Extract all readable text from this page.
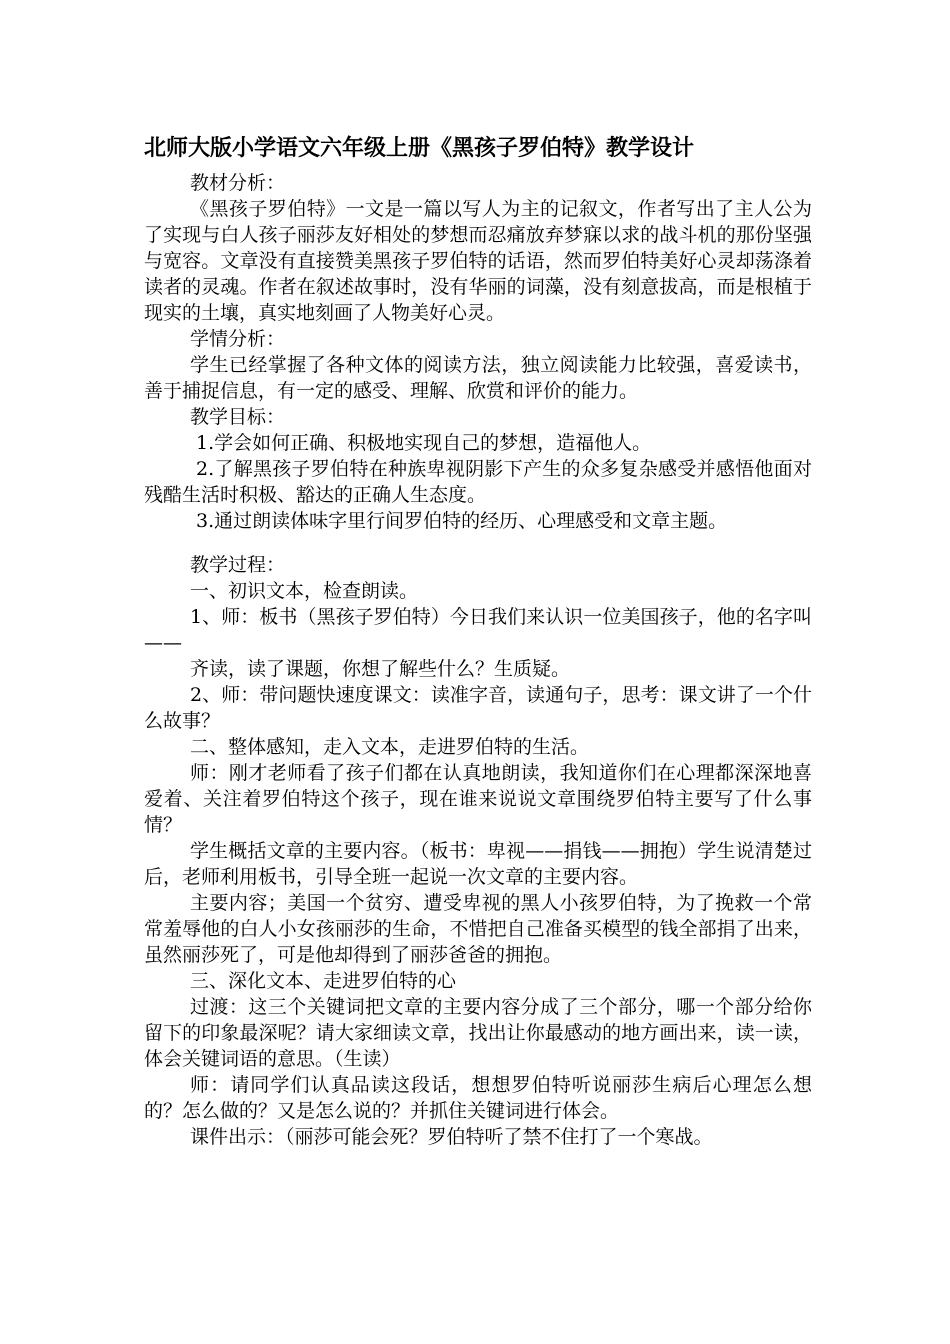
北师大版小学语文六年级上册《黑孩子罗伯特》教学设计

教材分析：

《黑孩子罗伯特》一文是一篇以写人为主的记叙文，作者写出了主人公为了实现与白人孩子丽莎友好相处的梦想而忍痛放弃梦寐以求的战斗机的那份坚强与宽容。文章没有直接赞美黑孩子罗伯特的话语，然而罗伯特美好心灵却荡涤着读者的灵魂。作者在叙述故事时，没有华丽的词藻，没有刻意拔高，而是根植于现实的土壤，真实地刻画了人物美好心灵。

学情分析：

学生已经掌握了各种文体的阅读方法，独立阅读能力比较强，喜爱读书，善于捕捉信息，有一定的感受、理解、欣赏和评价的能力。

教学目标：

1.学会如何正确、积极地实现自己的梦想，造福他人。

2.了解黑孩子罗伯特在种族卑视阴影下产生的众多复杂感受并感悟他面对残酷生活时积极、豁达的正确人生态度。

3.通过朗读体味字里行间罗伯特的经历、心理感受和文章主题。

教学过程：

一、初识文本，检查朗读。

1、师：板书（黑孩子罗伯特）今日我们来认识一位美国孩子，他的名字叫——

齐读，读了课题，你想了解些什么？生质疑。

2、师：带问题快速度课文：读准字音，读通句子，思考：课文讲了一个什么故事？

二、整体感知，走入文本，走进罗伯特的生活。

师：刚才老师看了孩子们都在认真地朗读，我知道你们在心理都深深地喜爱着、关注着罗伯特这个孩子，现在谁来说说文章围绕罗伯特主要写了什么事情？

学生概括文章的主要内容。（板书：卑视——捐钱——拥抱）学生说清楚过后，老师利用板书，引导全班一起说一次文章的主要内容。

主要内容；美国一个贫穷、遭受卑视的黑人小孩罗伯特，为了挽救一个常常羞辱他的白人小女孩丽莎的生命，不惜把自己准备买模型的钱全部捐了出来，虽然丽莎死了，可是他却得到了丽莎爸爸的拥抱。

三、深化文本、走进罗伯特的心

过渡：这三个关键词把文章的主要内容分成了三个部分，哪一个部分给你留下的印象最深呢？请大家细读文章，找出让你最感动的地方画出来，读一读，体会关键词语的意思。（生读）

师：请同学们认真品读这段话，想想罗伯特听说丽莎生病后心理怎么想的？怎么做的？又是怎么说的？并抓住关键词进行体会。

课件出示：（丽莎可能会死？罗伯特听了禁不住打了一个寒战。
